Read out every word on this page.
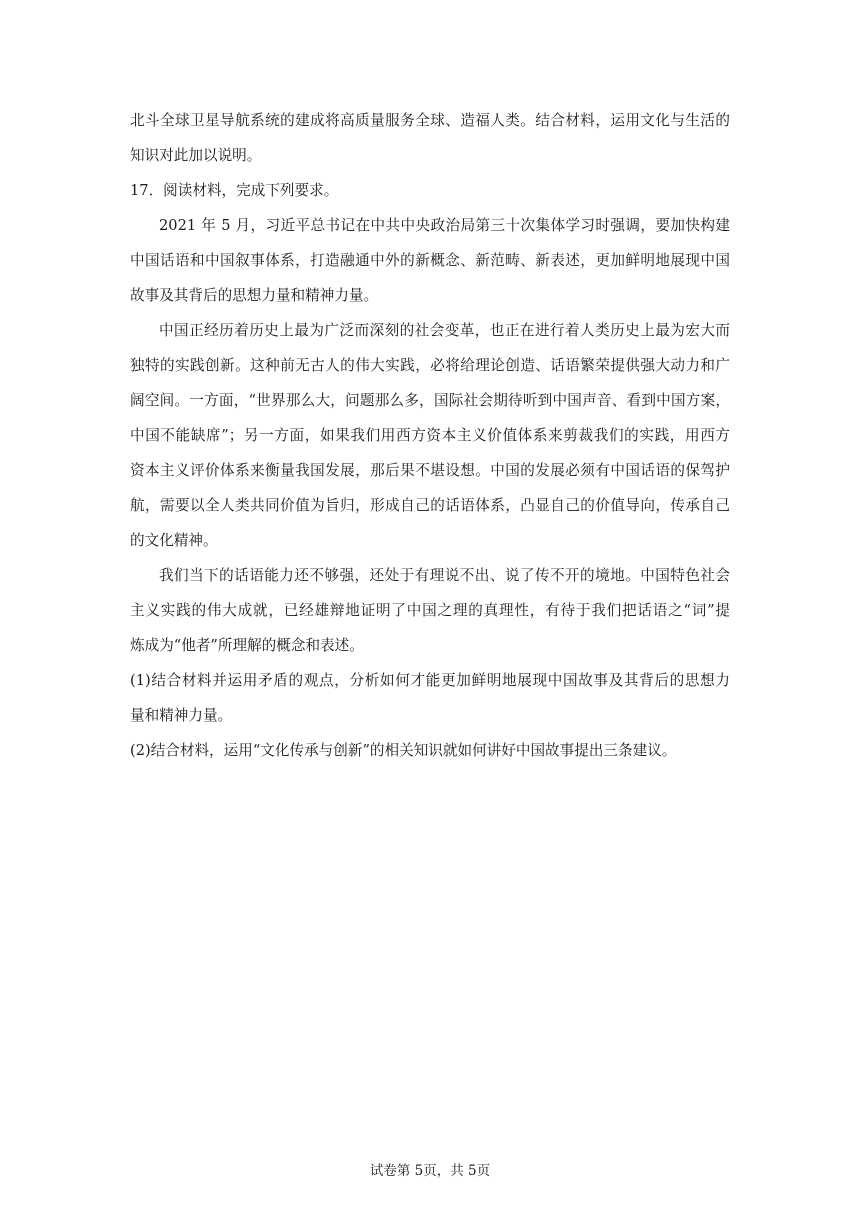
北斗全球卫星导航系统的建成将高质量服务全球、造福人类。结合材料，运用文化与生活的
知识对此加以说明。
17．阅读材料，完成下列要求。
2021 年 5 月，习近平总书记在中共中央政治局第三十次集体学习时强调，要加快构建
中国话语和中国叙事体系，打造融通中外的新概念、新范畴、新表述，更加鲜明地展现中国
故事及其背后的思想力量和精神力量。
中国正经历着历史上最为广泛而深刻的社会变革，也正在进行着人类历史上最为宏大而
独特的实践创新。这种前无古人的伟大实践，必将给理论创造、话语繁荣提供强大动力和广
阔空间。一方面，“世界那么大，问题那么多，国际社会期待听到中国声音、看到中国方案，
中国不能缺席”；另一方面，如果我们用西方资本主义价值体系来剪裁我们的实践，用西方
资本主义评价体系来衡量我国发展，那后果不堪设想。中国的发展必须有中国话语的保驾护
航，需要以全人类共同价值为旨归，形成自己的话语体系，凸显自己的价值导向，传承自己
的文化精神。
我们当下的话语能力还不够强，还处于有理说不出、说了传不开的境地。中国特色社会
主义实践的伟大成就，已经雄辩地证明了中国之理的真理性，有待于我们把话语之“词”提
炼成为“他者”所理解的概念和表述。
(1)结合材料并运用矛盾的观点，分析如何才能更加鲜明地展现中国故事及其背后的思想力
量和精神力量。
(2)结合材料，运用“文化传承与创新”的相关知识就如何讲好中国故事提出三条建议。
试卷第 5页，共 5页
